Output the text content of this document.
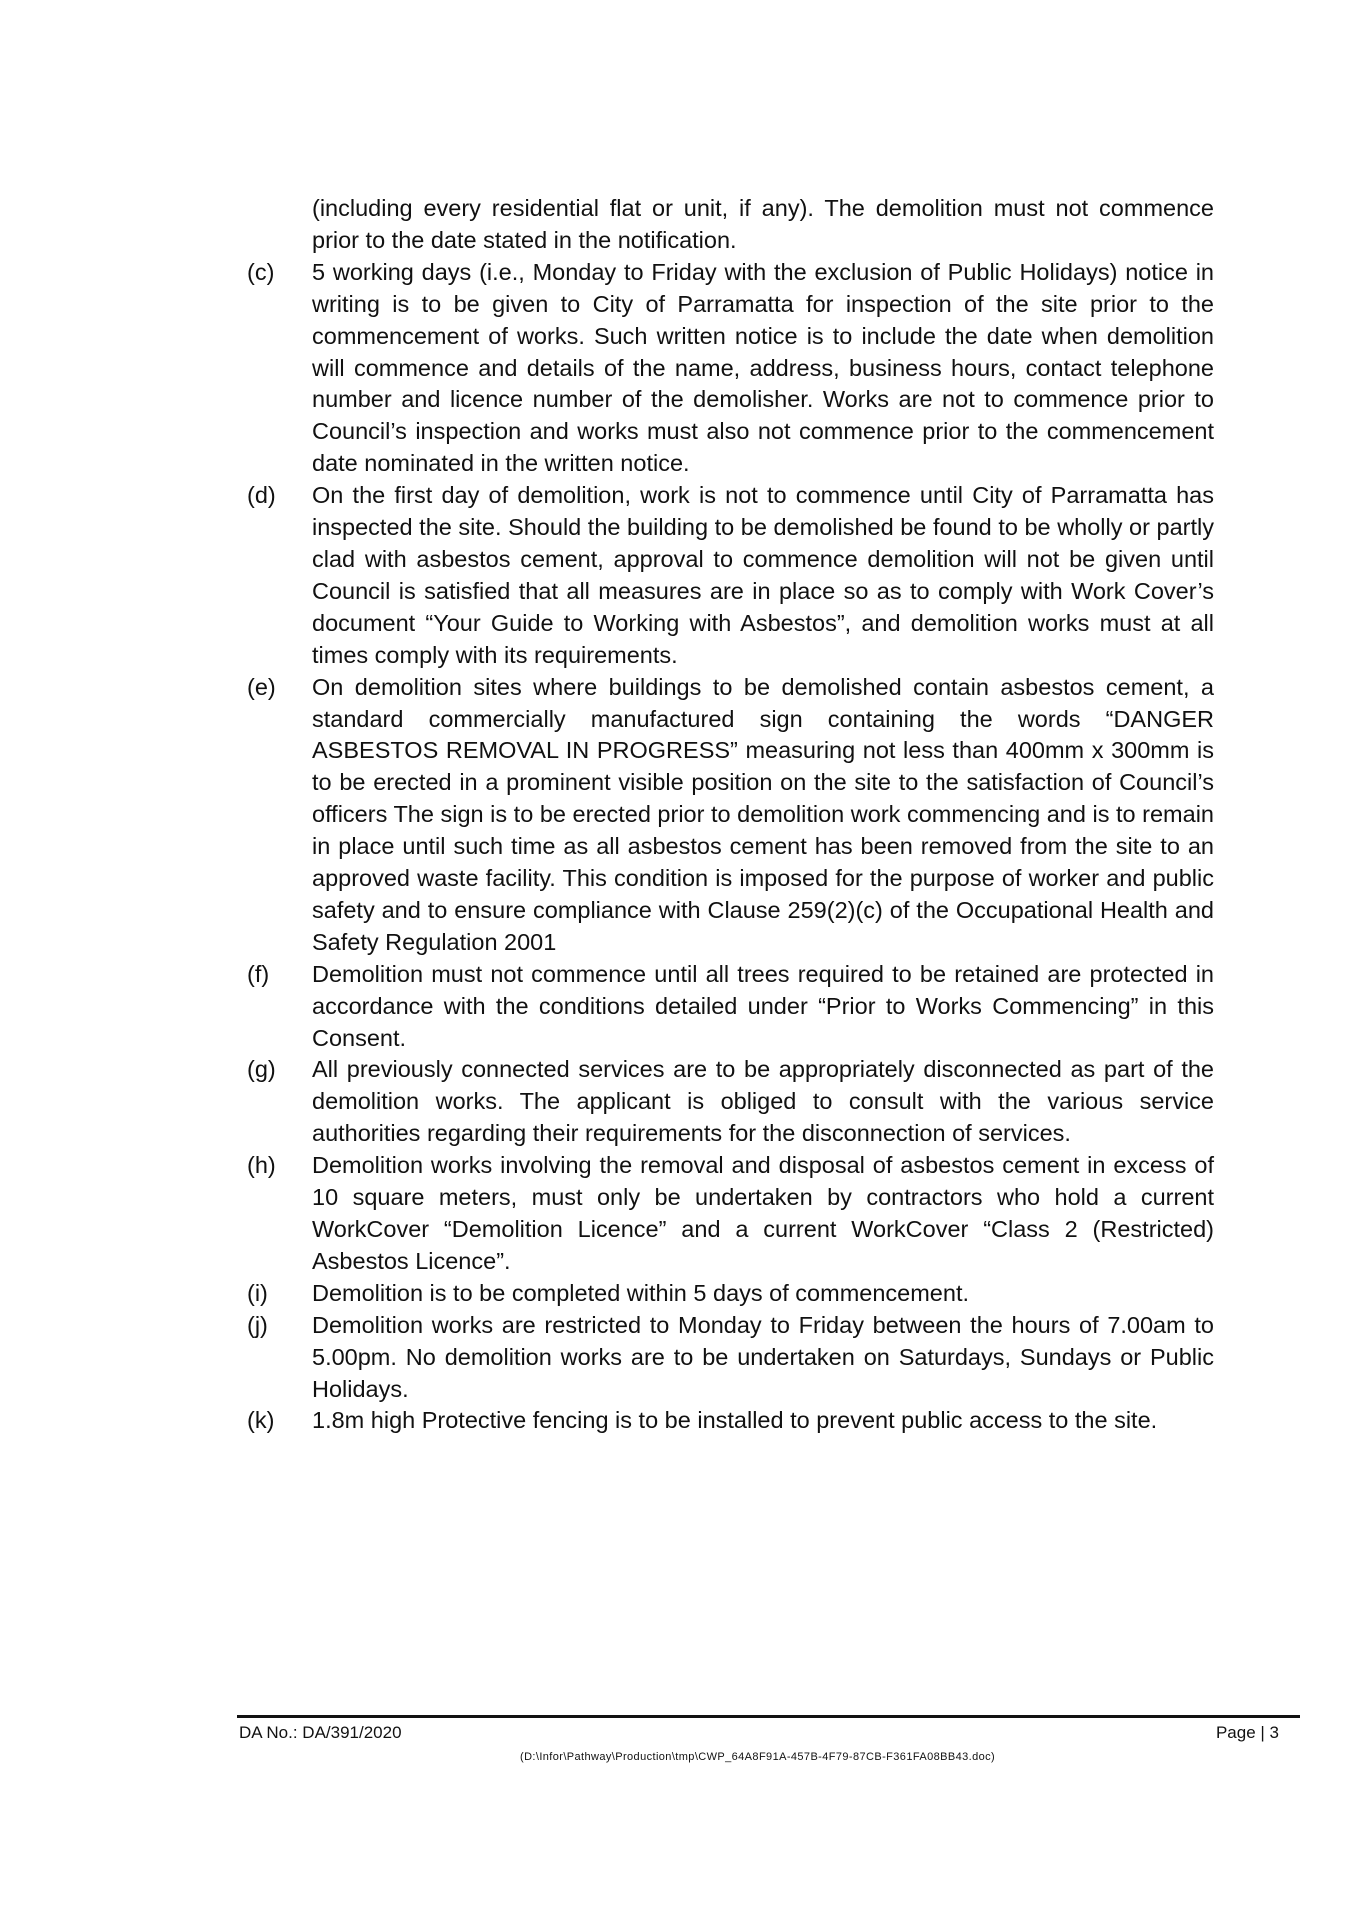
(including every residential flat or unit, if any). The demolition must not commence prior to the date stated in the notification.

(c)	5 working days (i.e., Monday to Friday with the exclusion of Public Holidays) notice in writing is to be given to City of Parramatta for inspection of the site prior to the commencement of works. Such written notice is to include the date when demolition will commence and details of the name, address, business hours, contact telephone number and licence number of the demolisher. Works are not to commence prior to Council’s inspection and works must also not commence prior to the commencement date nominated in the written notice.
(d)	On the first day of demolition, work is not to commence until City of Parramatta has inspected the site. Should the building to be demolished be found to be wholly or partly clad with asbestos cement, approval to commence demolition will not be given until Council is satisfied that all measures are in place so as to comply with Work Cover’s document “Your Guide to Working with Asbestos”, and demolition works must at all times comply with its requirements.
(e)	On demolition sites where buildings to be demolished contain asbestos cement, a standard commercially manufactured sign containing the words “DANGER ASBESTOS REMOVAL IN PROGRESS” measuring not less than 400mm x 300mm is to be erected in a prominent visible position on the site to the satisfaction of Council’s officers The sign is to be erected prior to demolition work commencing and is to remain in place until such time as all asbestos cement has been removed from the site to an approved waste facility. This condition is imposed for the purpose of worker and public safety and to ensure compliance with Clause 259(2)(c) of the Occupational Health and Safety Regulation 2001
(f)	Demolition must not commence until all trees required to be retained are protected in accordance with the conditions detailed under “Prior to Works Commencing” in this Consent.
(g)	All previously connected services are to be appropriately disconnected as part of the demolition works. The applicant is obliged to consult with the various service authorities regarding their requirements for the disconnection of services.
(h)	Demolition works involving the removal and disposal of asbestos cement in excess of 10 square meters, must only be undertaken by contractors who hold a current WorkCover “Demolition Licence” and a current WorkCover “Class 2 (Restricted) Asbestos Licence”.
(i)	Demolition is to be completed within 5 days of commencement.
(j)	Demolition works are restricted to Monday to Friday between the hours of 7.00am to 5.00pm. No demolition works are to be undertaken on Saturdays, Sundays or Public Holidays.
(k)	1.8m high Protective fencing is to be installed to prevent public access to the site.
DA No.: DA/391/2020	Page | 3
(D:\Infor\Pathway\Production\tmp\CWP_64A8F91A-457B-4F79-87CB-F361FA08BB43.doc)
